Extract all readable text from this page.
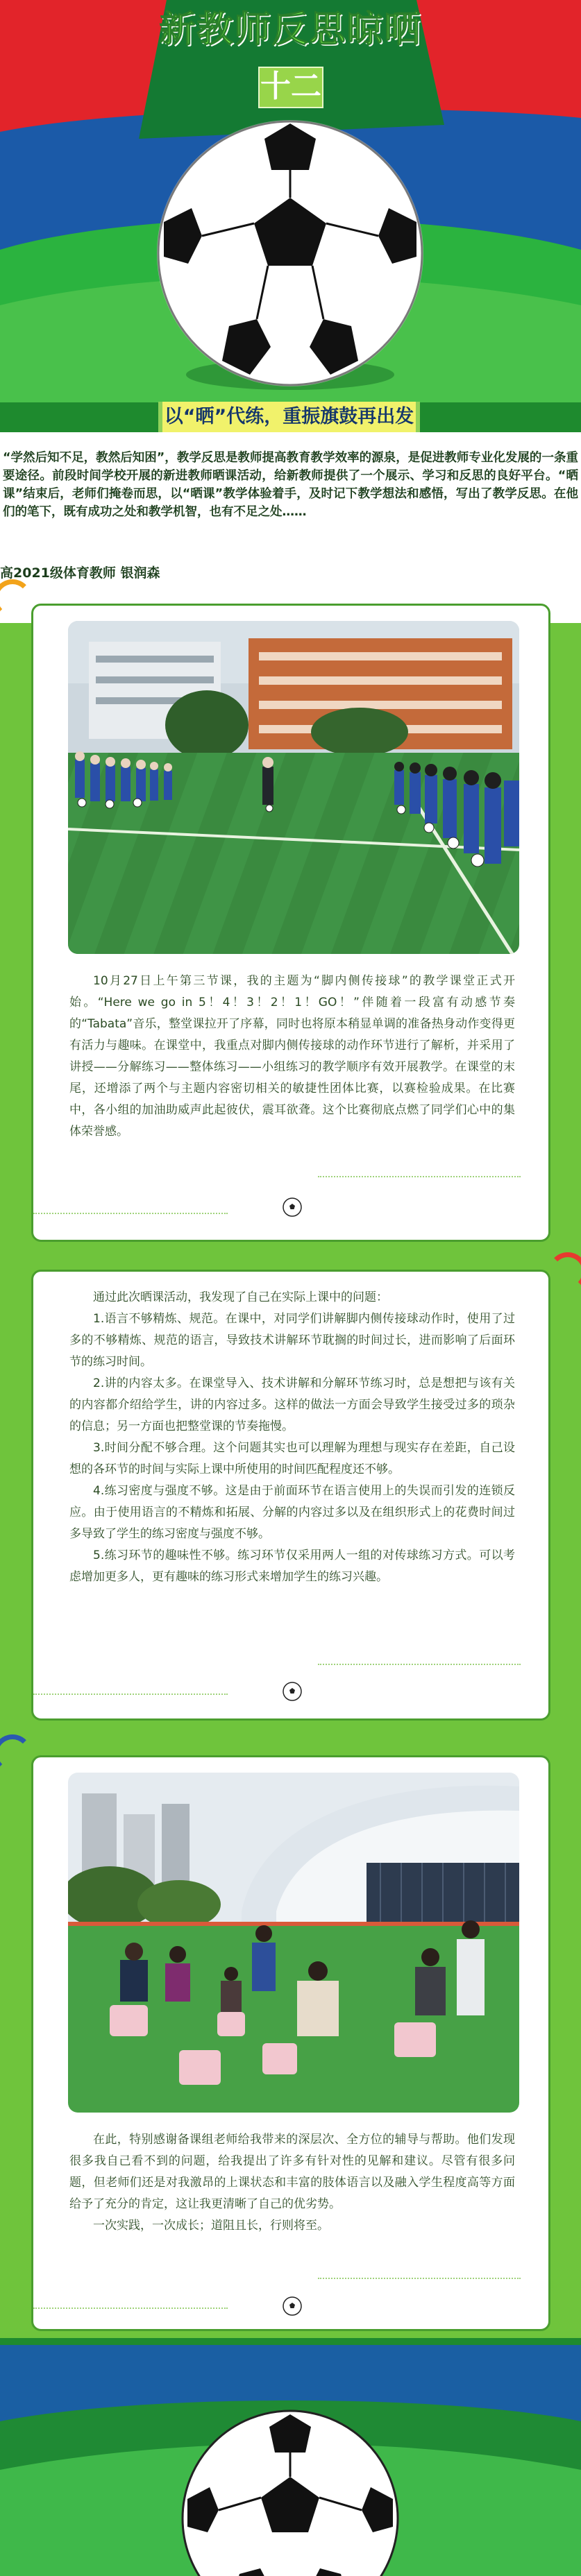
新教师反思晾晒
十二
以“晒”代练，重振旗鼓再出发
“学然后知不足，教然后知困”，教学反思是教师提高教育教学效率的源泉，是促进教师专业化发展的一条重要途径。前段时间学校开展的新进教师晒课活动，给新教师提供了一个展示、学习和反思的良好平台。“晒课”结束后，老师们掩卷而思，以“晒课”教学体验着手，及时记下教学想法和感悟，写出了教学反思。在他们的笔下，既有成功之处和教学机智，也有不足之处……
高2021级体育教师 银润森

10月27日上午第三节课，我的主题为“脚内侧传接球”的教学课堂正式开始。“Here we go in 5！4！3！2！1！GO！”伴随着一段富有动感节奏的“Tabata”音乐，整堂课拉开了序幕，同时也将原本稍显单调的准备热身动作变得更有活力与趣味。在课堂中，我重点对脚内侧传接球的动作环节进行了解析，并采用了讲授——分解练习——整体练习——小组练习的教学顺序有效开展教学。在课堂的末尾，还增添了两个与主题内容密切相关的敏捷性团体比赛，以赛检验成果。在比赛中，各小组的加油助威声此起彼伏，震耳欲聋。这个比赛彻底点燃了同学们心中的集体荣誉感。

通过此次晒课活动，我发现了自己在实际上课中的问题：

1.语言不够精炼、规范。在课中，对同学们讲解脚内侧传接球动作时，使用了过多的不够精炼、规范的语言，导致技术讲解环节耽搁的时间过长，进而影响了后面环节的练习时间。

2.讲的内容太多。在课堂导入、技术讲解和分解环节练习时，总是想把与该有关的内容都介绍给学生，讲的内容过多。这样的做法一方面会导致学生接受过多的琐杂的信息；另一方面也把整堂课的节奏拖慢。

3.时间分配不够合理。这个问题其实也可以理解为理想与现实存在差距，自己设想的各环节的时间与实际上课中所使用的时间匹配程度还不够。

4.练习密度与强度不够。这是由于前面环节在语言使用上的失误而引发的连锁反应。由于使用语言的不精炼和拓展、分解的内容过多以及在组织形式上的花费时间过多导致了学生的练习密度与强度不够。

5.练习环节的趣味性不够。练习环节仅采用两人一组的对传球练习方式。可以考虑增加更多人，更有趣味的练习形式来增加学生的练习兴趣。

在此，特别感谢备课组老师给我带来的深层次、全方位的辅导与帮助。他们发现很多我自己看不到的问题，给我提出了许多有针对性的见解和建议。尽管有很多问题，但老师们还是对我激昂的上课状态和丰富的肢体语言以及融入学生程度高等方面给予了充分的肯定，这让我更清晰了自己的优劣势。

一次实践，一次成长；道阻且长，行则将至。
